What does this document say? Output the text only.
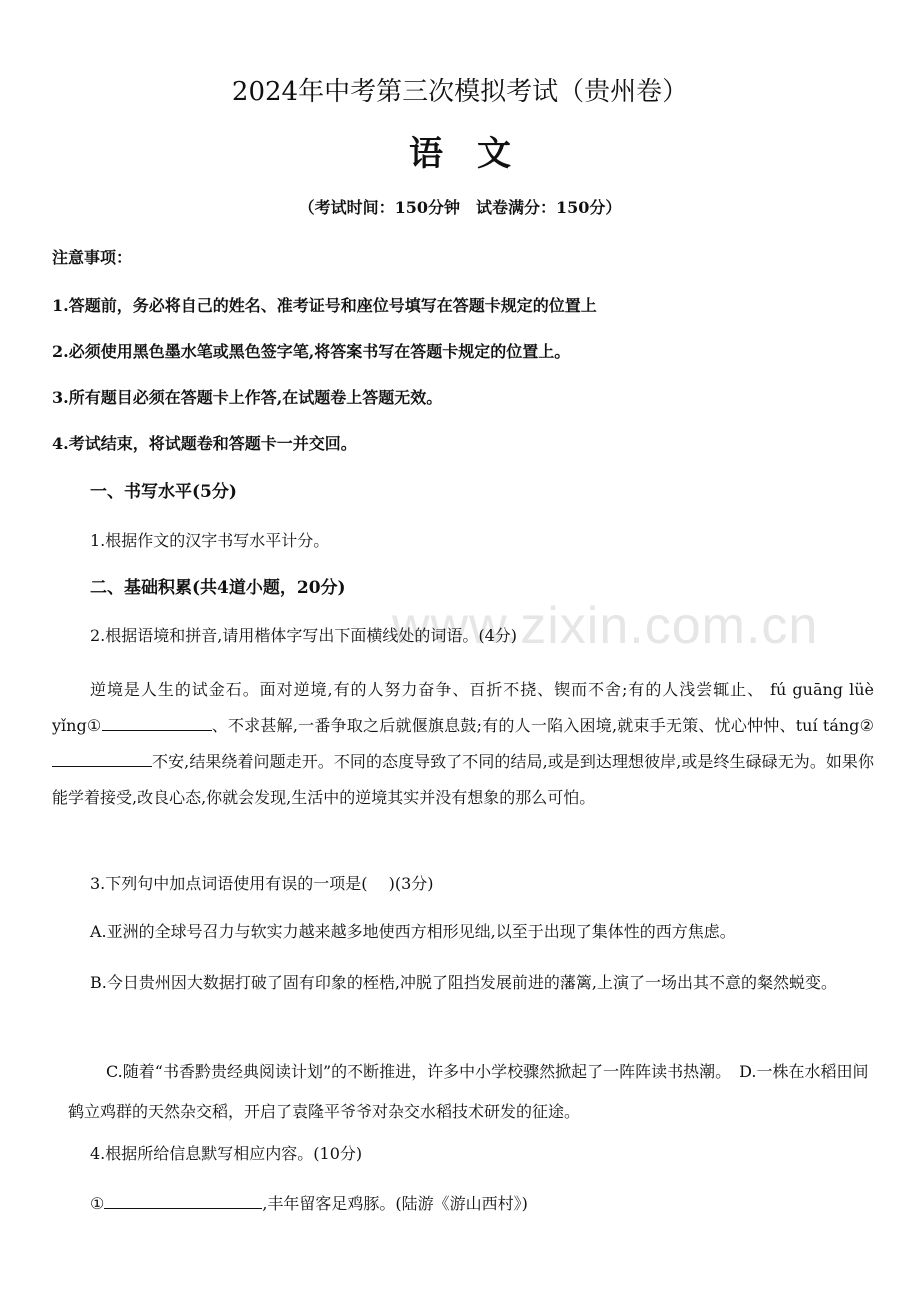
www.zixin.com.cn
2024年中考第三次模拟考试（贵州卷）
语文
（考试时间：150分钟　试卷满分：150分）
注意事项：
1.答题前，务必将自己的姓名、准考证号和座位号填写在答题卡规定的位置上
2.必须使用黑色墨水笔或黑色签字笔,将答案书写在答题卡规定的位置上。
3.所有题目必须在答题卡上作答,在试题卷上答题无效。
4.考试结束，将试题卷和答题卡一并交回。
一、书写水平(5分)
1.根据作文的汉字书写水平计分。
二、基础积累(共4道小题，20分)
2.根据语境和拼音,请用楷体字写出下面横线处的词语。(4分)
逆境是人生的试金石。面对逆境,有的人努力奋争、百折不挠、锲而不舍;有的人浅尝辄止、 fú guāng lüè yǐng①	、不求甚解,一番争取之后就偃旗息鼓;有的人一陷入困境,就束手无策、忧心忡忡、tuí táng②不安,结果绕着问题走开。不同的态度导致了不同的结局,或是到达理想彼岸,或是终生碌碌无为。如果你能学着接受,改良心态,你就会发现,生活中的逆境其实并没有想象的那么可怕。
3.下列句中加点词语使用有误的一项是(　 )(3分)
A.亚洲的全球号召力与软实力越来越多地使西方相形见绌,以至于出现了集体性的西方焦虑。
B.今日贵州因大数据打破了固有印象的桎梏,冲脱了阻挡发展前进的藩篱,上演了一场出其不意的粲然蜕变。
C.随着“书香黔贵经典阅读计划”的不断推进，许多中小学校骤然掀起了一阵阵读书热潮。　 D.一株在水稻田间鹤立鸡群的天然杂交稻，开启了袁隆平爷爷对杂交水稻技术研发的征途。
4.根据所给信息默写相应内容。(10分)
①	,丰年留客足鸡豚。(陆游《游山西村》)
